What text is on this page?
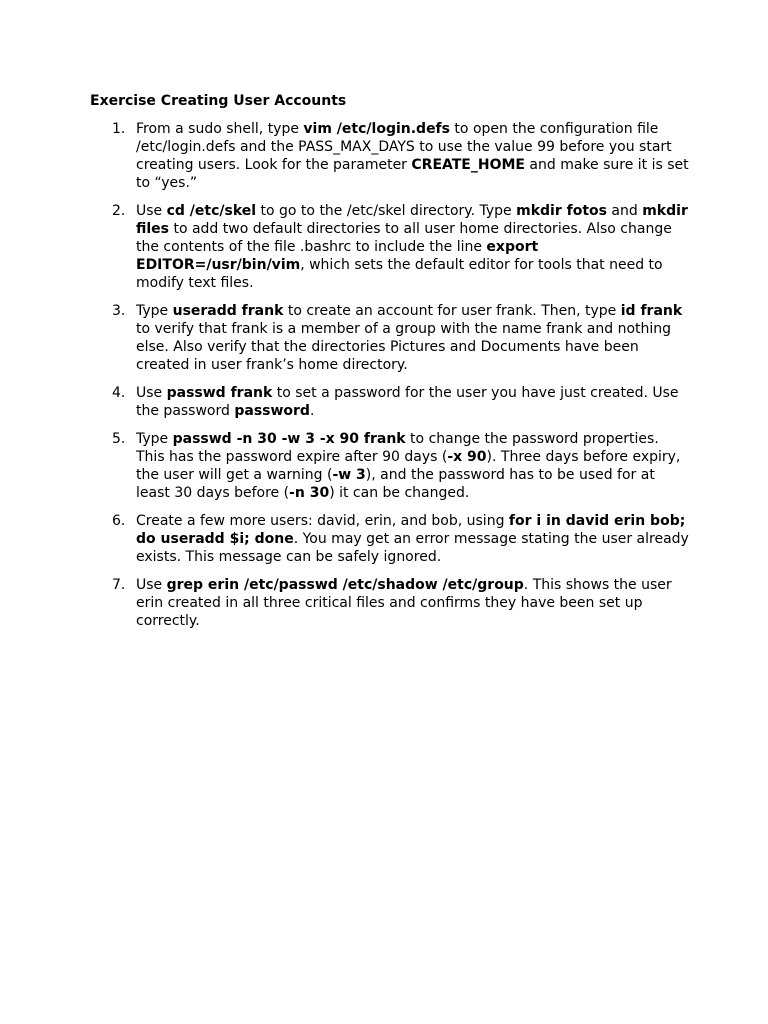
Exercise Creating User Accounts
1. From a sudo shell, type vim /etc/login.defs to open the configuration file /etc/login.defs and the PASS_MAX_DAYS to use the value 99 before you start creating users. Look for the parameter CREATE_HOME and make sure it is set to “yes.”
2. Use cd /etc/skel to go to the /etc/skel directory. Type mkdir fotos and mkdir files to add two default directories to all user home directories. Also change the contents of the file .bashrc to include the line export EDITOR=/usr/bin/vim, which sets the default editor for tools that need to modify text files.
3. Type useradd frank to create an account for user frank. Then, type id frank to verify that frank is a member of a group with the name frank and nothing else. Also verify that the directories Pictures and Documents have been created in user frank’s home directory.
4. Use passwd frank to set a password for the user you have just created. Use the password password.
5. Type passwd -n 30 -w 3 -x 90 frank to change the password properties. This has the password expire after 90 days (-x 90). Three days before expiry, the user will get a warning (-w 3), and the password has to be used for at least 30 days before (-n 30) it can be changed.
6. Create a few more users: david, erin, and bob, using for i in david erin bob; do useradd $i; done. You may get an error message stating the user already exists. This message can be safely ignored.
7. Use grep erin /etc/passwd /etc/shadow /etc/group. This shows the user erin created in all three critical files and confirms they have been set up correctly.
